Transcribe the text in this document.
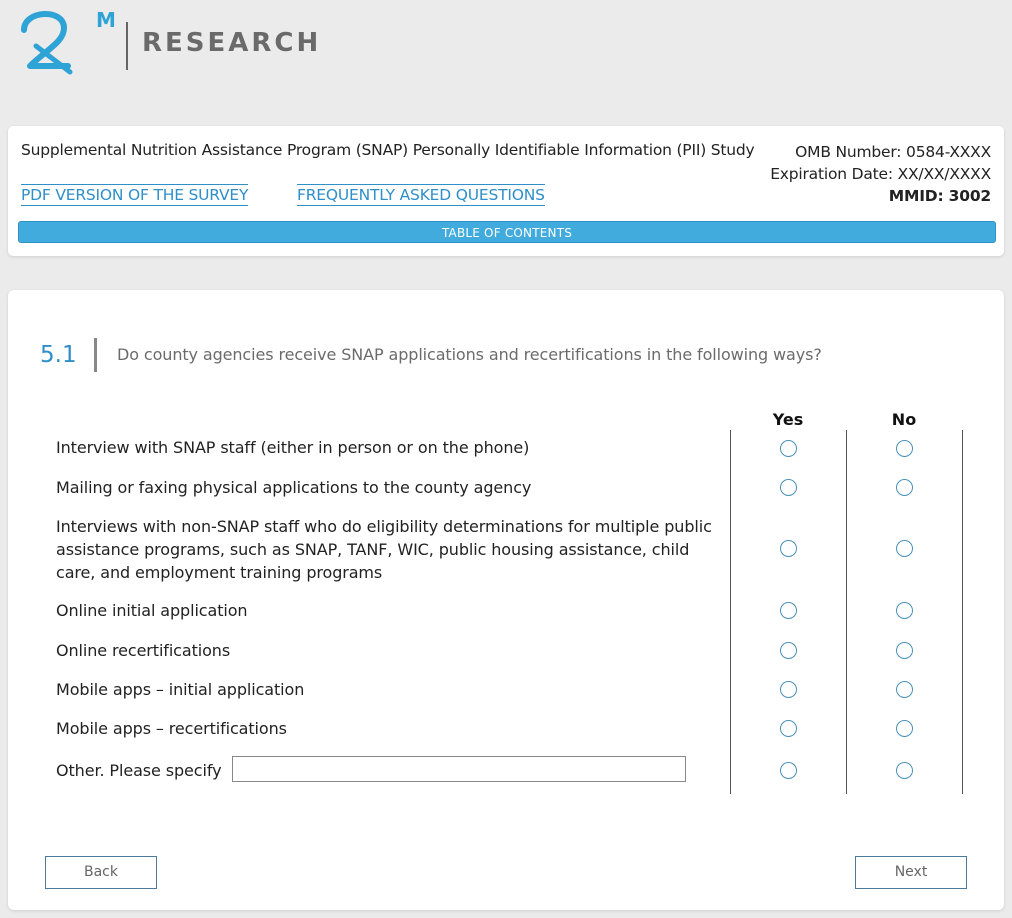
M
RESEARCH
Supplemental Nutrition Assistance Program (SNAP) Personally Identifiable Information (PII) Study	OMB Number: 0584-XXXX
Expiration Date: XX/XX/XXXX
MMID: 3002
PDF VERSION OF THE SURVEY	FREQUENTLY ASKED QUESTIONS
TABLE OF CONTENTS
5.1	Do county agencies receive SNAP applications and recertifications in the following ways?
Yes	No
Interview with SNAP staff (either in person or on the phone)
Mailing or faxing physical applications to the county agency
Interviews with non-SNAP staff who do eligibility determinations for multiple public assistance programs, such as SNAP, TANF, WIC, public housing assistance, child care, and employment training programs
Online initial application
Online recertifications
Mobile apps – initial application
Mobile apps – recertifications
Other. Please specify
Back	Next
